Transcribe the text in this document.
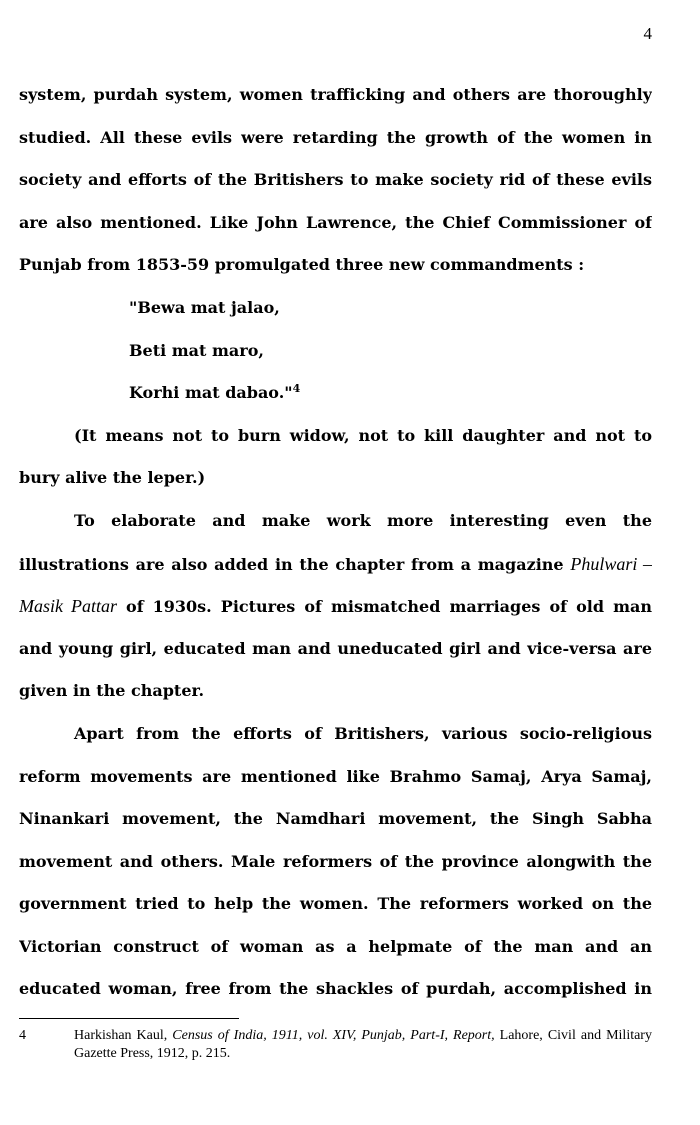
4
system, purdah system, women trafficking and others are thoroughly
studied. All these evils were retarding the growth of the women in
society and efforts of the Britishers to make society rid of these evils
are also mentioned. Like John Lawrence, the Chief Commissioner of
Punjab from 1853-59 promulgated three new commandments :
"Bewa mat jalao,
Beti mat maro,
Korhi mat dabao."$^4$
(It means not to burn widow, not to kill daughter and not to
bury alive the leper.)
To elaborate and make work more interesting even the
illustrations are also added in the chapter from a magazine Phulwari –
Masik Pattar of 1930s. Pictures of mismatched marriages of old man
and young girl, educated man and uneducated girl and vice-versa are
given in the chapter.
Apart from the efforts of Britishers, various socio-religious
reform movements are mentioned like Brahmo Samaj, Arya Samaj,
Ninankari movement, the Namdhari movement, the Singh Sabha
movement and others. Male reformers of the province alongwith the
government tried to help the women. The reformers worked on the
Victorian construct of woman as a helpmate of the man and an
educated woman, free from the shackles of purdah, accomplished in
4	Harkishan Kaul, Census of India, 1911, vol. XIV, Punjab, Part-I, Report, Lahore, Civil and Military Gazette Press, 1912, p. 215.
